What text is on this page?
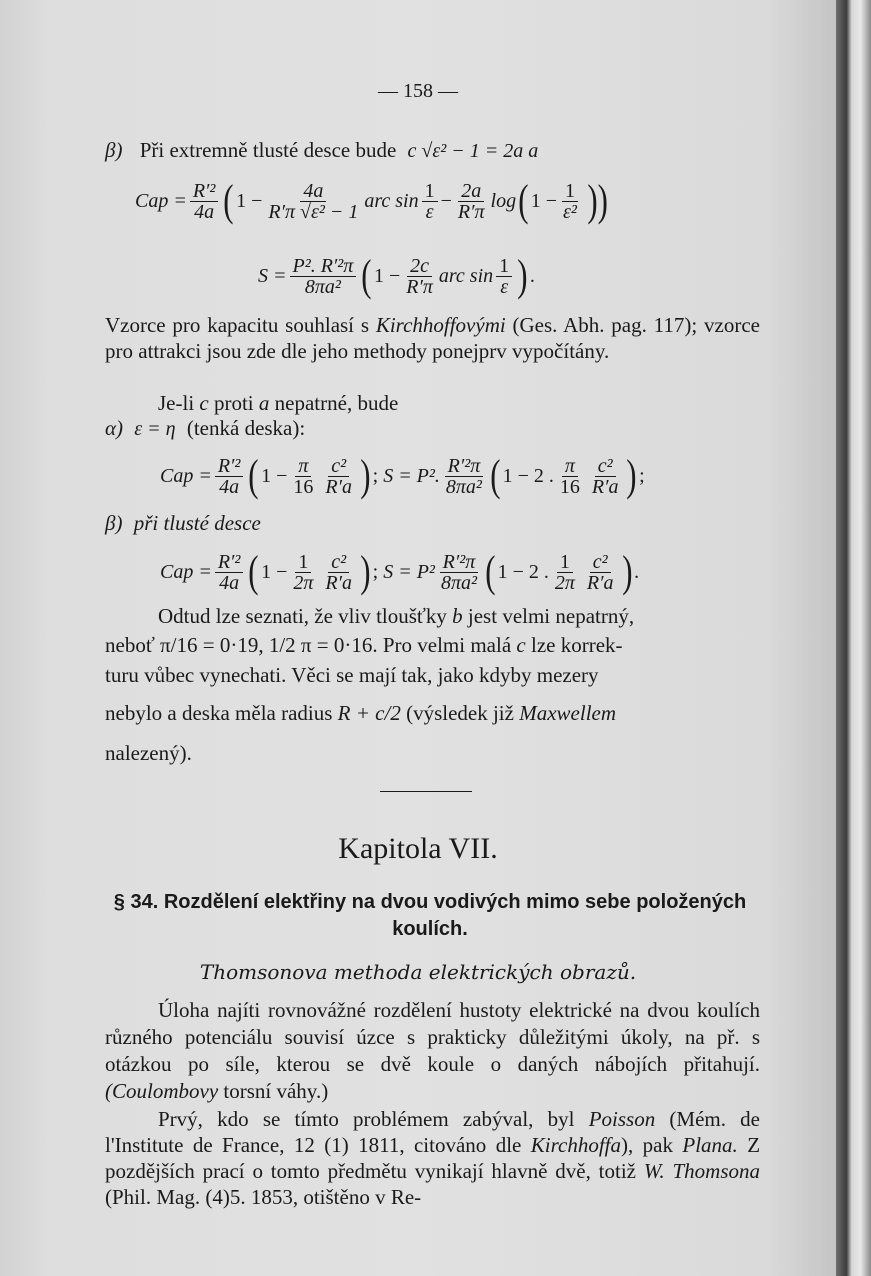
— 158 —
β) Při extremně tlusté desce bude c √ε² − 1 = 2a a
Cap = $\frac{\text{R′²}}{4a}$ ( $1 - \frac{4a}{\text{R′π √ε² − 1}}$ arc $\sin \frac{1}{\varepsilon} - \frac{2a}{R'\pi}$ log ( $1 - \frac{1}{\text{ε²}}$ ))
$S = \frac{\text{P². R′²π}}{\text{8πa²}}$ ( $1 - \frac{2c}{R'\pi}$ arc $\sin \frac{1}{\varepsilon}$ ) .
Vzorce pro kapacitu souhlasí s Kirchhoffovými (Ges. Abh. pag. 117); vzorce pro attrakci jsou zde dle jeho methody ponejprv vypočítány.
Je-li c proti a nepatrné, bude
α) ε = η (tenká deska):
Cap = $\frac{\text{R′²}}{4a}$ ( $1 - \frac{\pi}{16} \frac{\text{c²}}{R'a}$ ) ; S = P². $\frac{\text{R′²π}}{\text{8πa²}}$ ( 1 − 2 . $\frac{\pi}{16} \frac{\text{c²}}{R'a}$ ) ;
β) při tlusté desce
Cap = $\frac{\text{R′²}}{4a}$ ( $1 - \frac{1}{2\pi} \frac{\text{c²}}{R'a}$ ) ; $S = P^2 \frac{\text{R′²π}}{\text{8πa²}}$ ( 1 − 2 . $\frac{1}{2\pi} \frac{\text{c²}}{R'a}$ ) .
Odtud lze seznati, že vliv tloušťky b jest velmi nepatrný,
neboť π/16 = 0·19, 1/2 π = 0·16. Pro velmi malá c lze korrek-
turu vůbec vynechati. Věci se mají tak, jako kdyby mezery
nebylo a deska měla radius R + c/2 (výsledek již Maxwellem
nalezený).
Kapitola VII.
§ 34. Rozdělení elektřiny na dvou vodivých mimo sebe položených koulích.
Thomsonova methoda elektrických obrazů.
Úloha najíti rovnovážné rozdělení hustoty elektrické na dvou koulích různého potenciálu souvisí úzce s prakticky důležitými úkoly, na př. s otázkou po síle, kterou se dvě koule o daných nábojích přitahují. (Coulombovy torsní váhy.)
Prvý, kdo se tímto problémem zabýval, byl Poisson (Mém. de l'Institute de France, 12 (1) 1811, citováno dle Kirchhoffa), pak Plana. Z pozdějších prací o tomto předmětu vynikají hlavně dvě, totiž W. Thomsona (Phil. Mag. (4)5. 1853, otištěno v Re-
